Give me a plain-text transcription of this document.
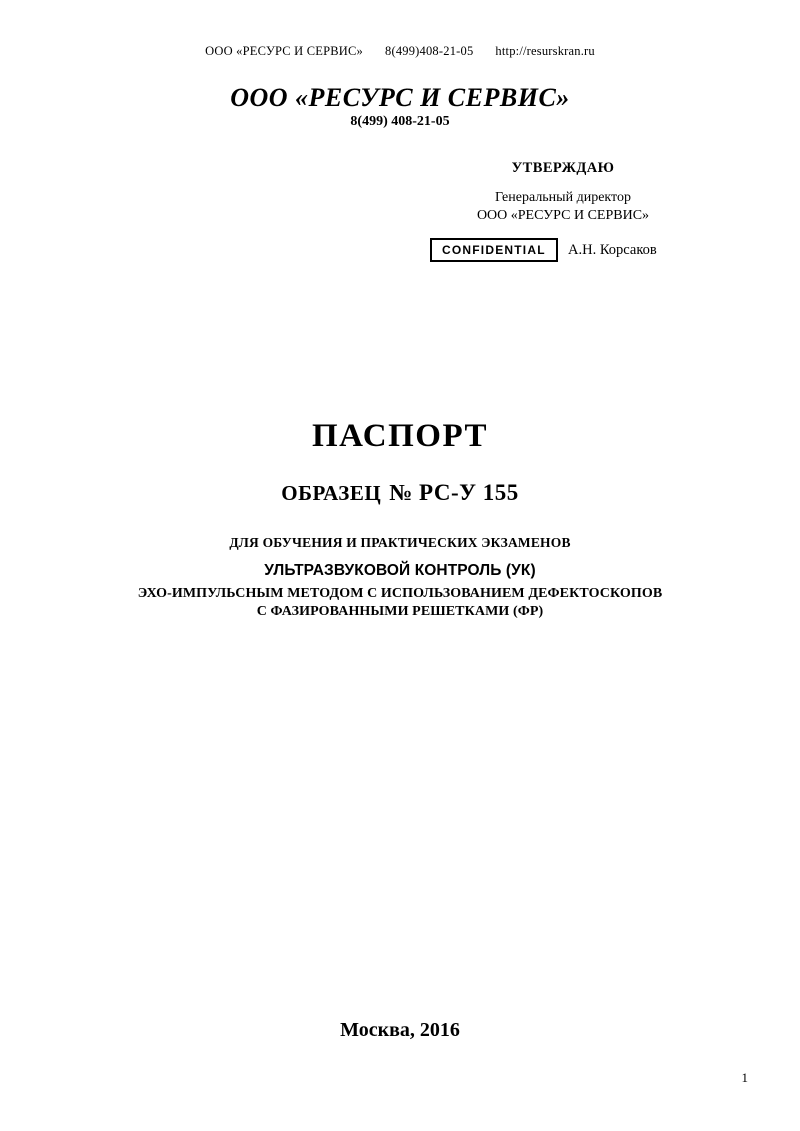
ООО «РЕСУРС И СЕРВИС» 8(499)408-21-05 http://resurskran.ru
ООО «РЕСУРС И СЕРВИС»
8(499) 408-21-05
УТВЕРЖДАЮ
Генеральный директор
ООО «РЕСУРС И СЕРВИС»
CONFIDENTIAL	А.Н. Корсаков
ПАСПОРТ
ОБРАЗЕЦ № РС-У 155
ДЛЯ ОБУЧЕНИЯ И ПРАКТИЧЕСКИХ ЭКЗАМЕНОВ
УЛЬТРАЗВУКОВОЙ КОНТРОЛЬ (УК)
ЭХО-ИМПУЛЬСНЫМ МЕТОДОМ С ИСПОЛЬЗОВАНИЕМ ДЕФЕКТОСКОПОВ
С ФАЗИРОВАННЫМИ РЕШЕТКАМИ (ФР)
Москва, 2016
1
